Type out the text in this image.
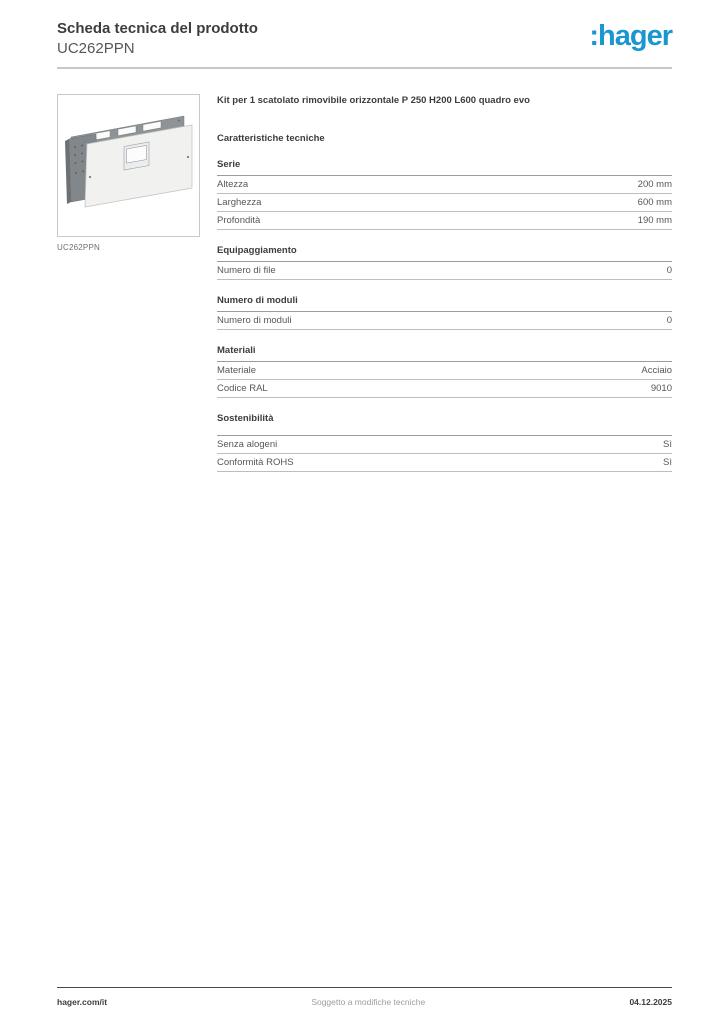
Scheda tecnica del prodotto
UC262PPN	:hager
UC262PPN
Kit per 1 scatolato rimovibile orizzontale P 250 H200 L600 quadro evo
Caratteristiche tecniche
Serie
Altezza	200 mm
Larghezza	600 mm
Profondità	190 mm
Equipaggiamento
Numero di file	0
Numero di moduli
Numero di moduli	0
Materiali
Materiale	Acciaio
Codice RAL	9010
Sostenibilità
Senza alogeni	Sì
Conformità ROHS	Sì
hager.com/it	Soggetto a modifiche tecniche	04.12.2025
